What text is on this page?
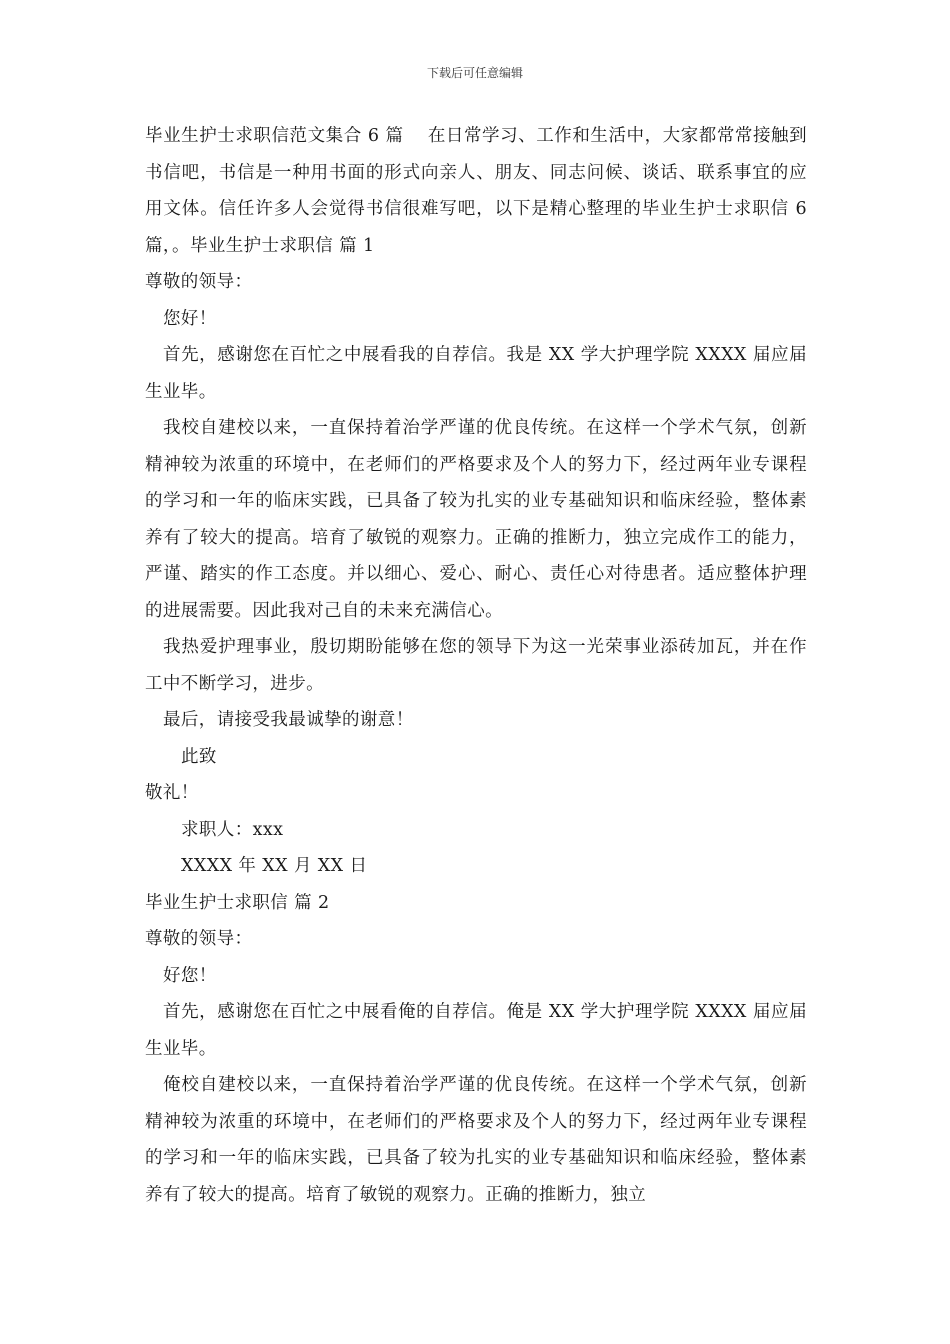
下载后可任意编辑

毕业生护士求职信范文集合 6 篇　 在日常学习、工作和生活中，大家都常常接触到书信吧，书信是一种用书面的形式向亲人、朋友、同志问候、谈话、联系事宜的应用文体。信任许多人会觉得书信很难写吧，以下是精心整理的毕业生护士求职信 6 篇，。毕业生护士求职信 篇 1

尊敬的领导：

您好！

首先，感谢您在百忙之中展看我的自荐信。我是 XX 学大护理学院 XXXX 届应届生业毕。

我校自建校以来，一直保持着治学严谨的优良传统。在这样一个学术气氛，创新精神较为浓重的环境中，在老师们的严格要求及个人的努力下，经过两年业专课程的学习和一年的临床实践，已具备了较为扎实的业专基础知识和临床经验，整体素养有了较大的提高。培育了敏锐的观察力。正确的推断力，独立完成作工的能力，严谨、踏实的作工态度。并以细心、爱心、耐心、责任心对待患者。适应整体护理的进展需要。因此我对己自的未来充满信心。

我热爱护理事业，殷切期盼能够在您的领导下为这一光荣事业添砖加瓦，并在作工中不断学习，进步。

最后，请接受我最诚挚的谢意！

此致

敬礼！

求职人：xxx

XXXX 年 XX 月 XX 日

毕业生护士求职信 篇 2

尊敬的领导：

好您！

首先，感谢您在百忙之中展看俺的自荐信。俺是 XX 学大护理学院 XXXX 届应届生业毕。

俺校自建校以来，一直保持着治学严谨的优良传统。在这样一个学术气氛，创新精神较为浓重的环境中，在老师们的严格要求及个人的努力下，经过两年业专课程的学习和一年的临床实践，已具备了较为扎实的业专基础知识和临床经验，整体素养有了较大的提高。培育了敏锐的观察力。正确的推断力，独立
